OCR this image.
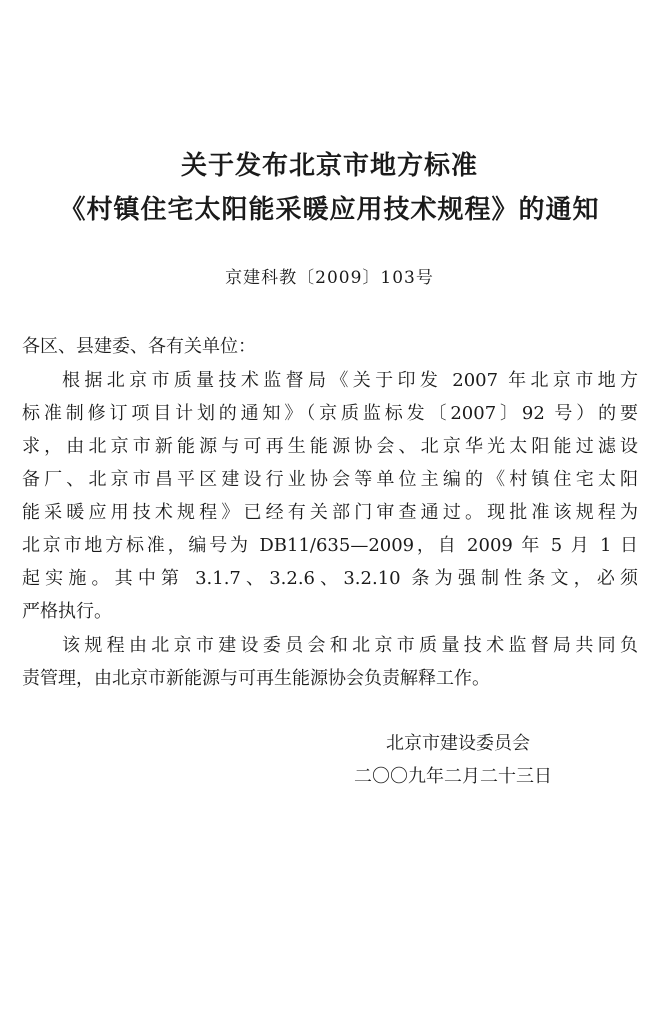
关于发布北京市地方标准
《村镇住宅太阳能采暖应用技术规程》的通知
京建科教〔2009〕103号
各区、县建委、各有关单位：
根据北京市质量技术监督局《关于印发 2007 年北京市地方
标准制修订项目计划的通知》（京质监标发〔2007〕92 号）的要
求，由北京市新能源与可再生能源协会、北京华光太阳能过滤设
备厂、北京市昌平区建设行业协会等单位主编的《村镇住宅太阳
能采暖应用技术规程》已经有关部门审查通过。现批准该规程为
北京市地方标准，编号为 DB11/635—2009，自 2009 年 5 月 1 日
起实施。其中第 3.1.7、3.2.6、3.2.10 条为强制性条文，必须
严格执行。
该规程由北京市建设委员会和北京市质量技术监督局共同负
责管理，由北京市新能源与可再生能源协会负责解释工作。
北京市建设委员会
二〇〇九年二月二十三日
